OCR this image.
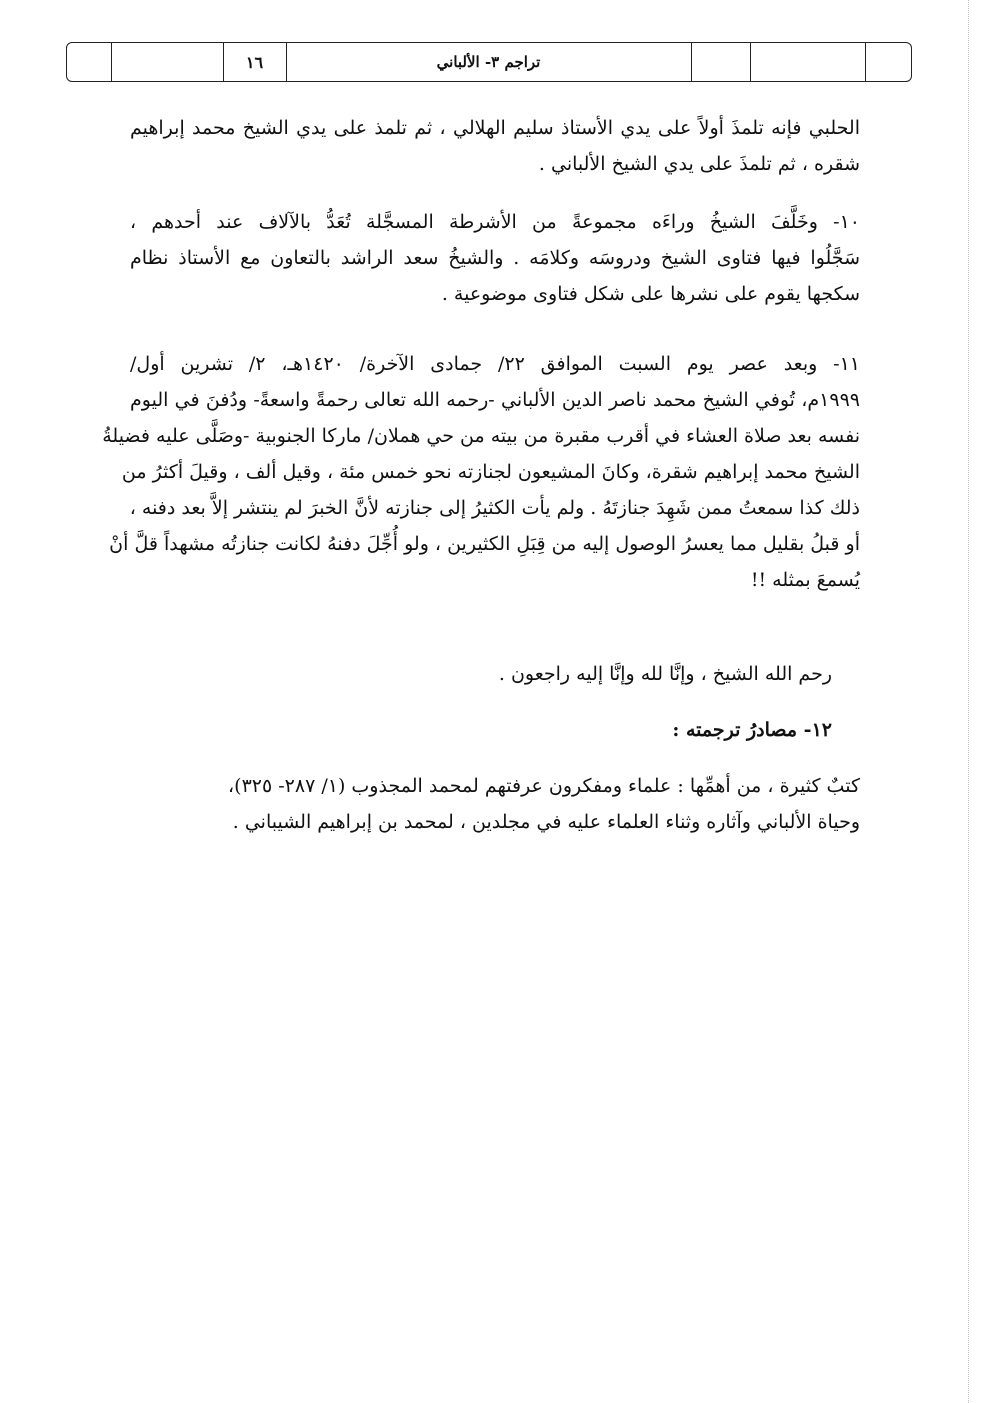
١٦	تراجم ٣- الألباني
الحلبي فإنه تلمذَ أولاً على يدي الأستاذ سليم الهلالي ، ثم تلمذ على يدي الشيخ محمد إبراهيم
شقره ، ثم تلمذَ على يدي الشيخ الألباني .
١٠- وخَلَّفَ الشيخُ وراءَه مجموعةً من الأشرطة المسجَّلة تُعَدُّ بالآلاف عند أحدهم ،
سَجَّلُوا فيها فتاوى الشيخ ودروسَه وكلامَه . والشيخُ سعد الراشد بالتعاون مع الأستاذ نظام
سكجها يقوم على نشرها على شكل فتاوى موضوعية .
١١- وبعد عصر يوم السبت الموافق ٢٢/ جمادى الآخرة/ ١٤٢٠هـ، ٢/ تشرين أول/
١٩٩٩م، تُوفي الشيخ محمد ناصر الدين الألباني -رحمه الله تعالى رحمةً واسعةً- ودُفنَ في اليوم
نفسه بعد صلاة العشاء في أقرب مقبرة من بيته من حي هملان/ ماركا الجنوبية -وصَلَّى عليه فضيلةُ
الشيخ محمد إبراهيم شقرة، وكانَ المشيعون لجنازته نحو خمس مئة ، وقيل ألف ، وقيلَ أكثرُ من
ذلك كذا سمعتُ ممن شَهِدَ جنازتَهُ . ولم يأت الكثيرُ إلى جنازته لأنَّ الخبرَ لم ينتشر إلاَّ بعد دفنه ،
أو قبلُ بقليل مما يعسرُ الوصول إليه من قِبَلِ الكثيرين ، ولو أُجِّلَ دفنهُ لكانت جنازتُه مشهداً قلَّ أنْ
يُسمعَ بمثله !!
رحم الله الشيخ ، وإنَّا لله وإنَّا إليه راجعون .
١٢- مصادرُ ترجمته :
كتبٌ كثيرة ، من أهمِّها : علماء ومفكرون عرفتهم لمحمد المجذوب (١/ ٢٨٧- ٣٢٥)،
وحياة الألباني وآثاره وثناء العلماء عليه في مجلدين ، لمحمد بن إبراهيم الشيباني .
